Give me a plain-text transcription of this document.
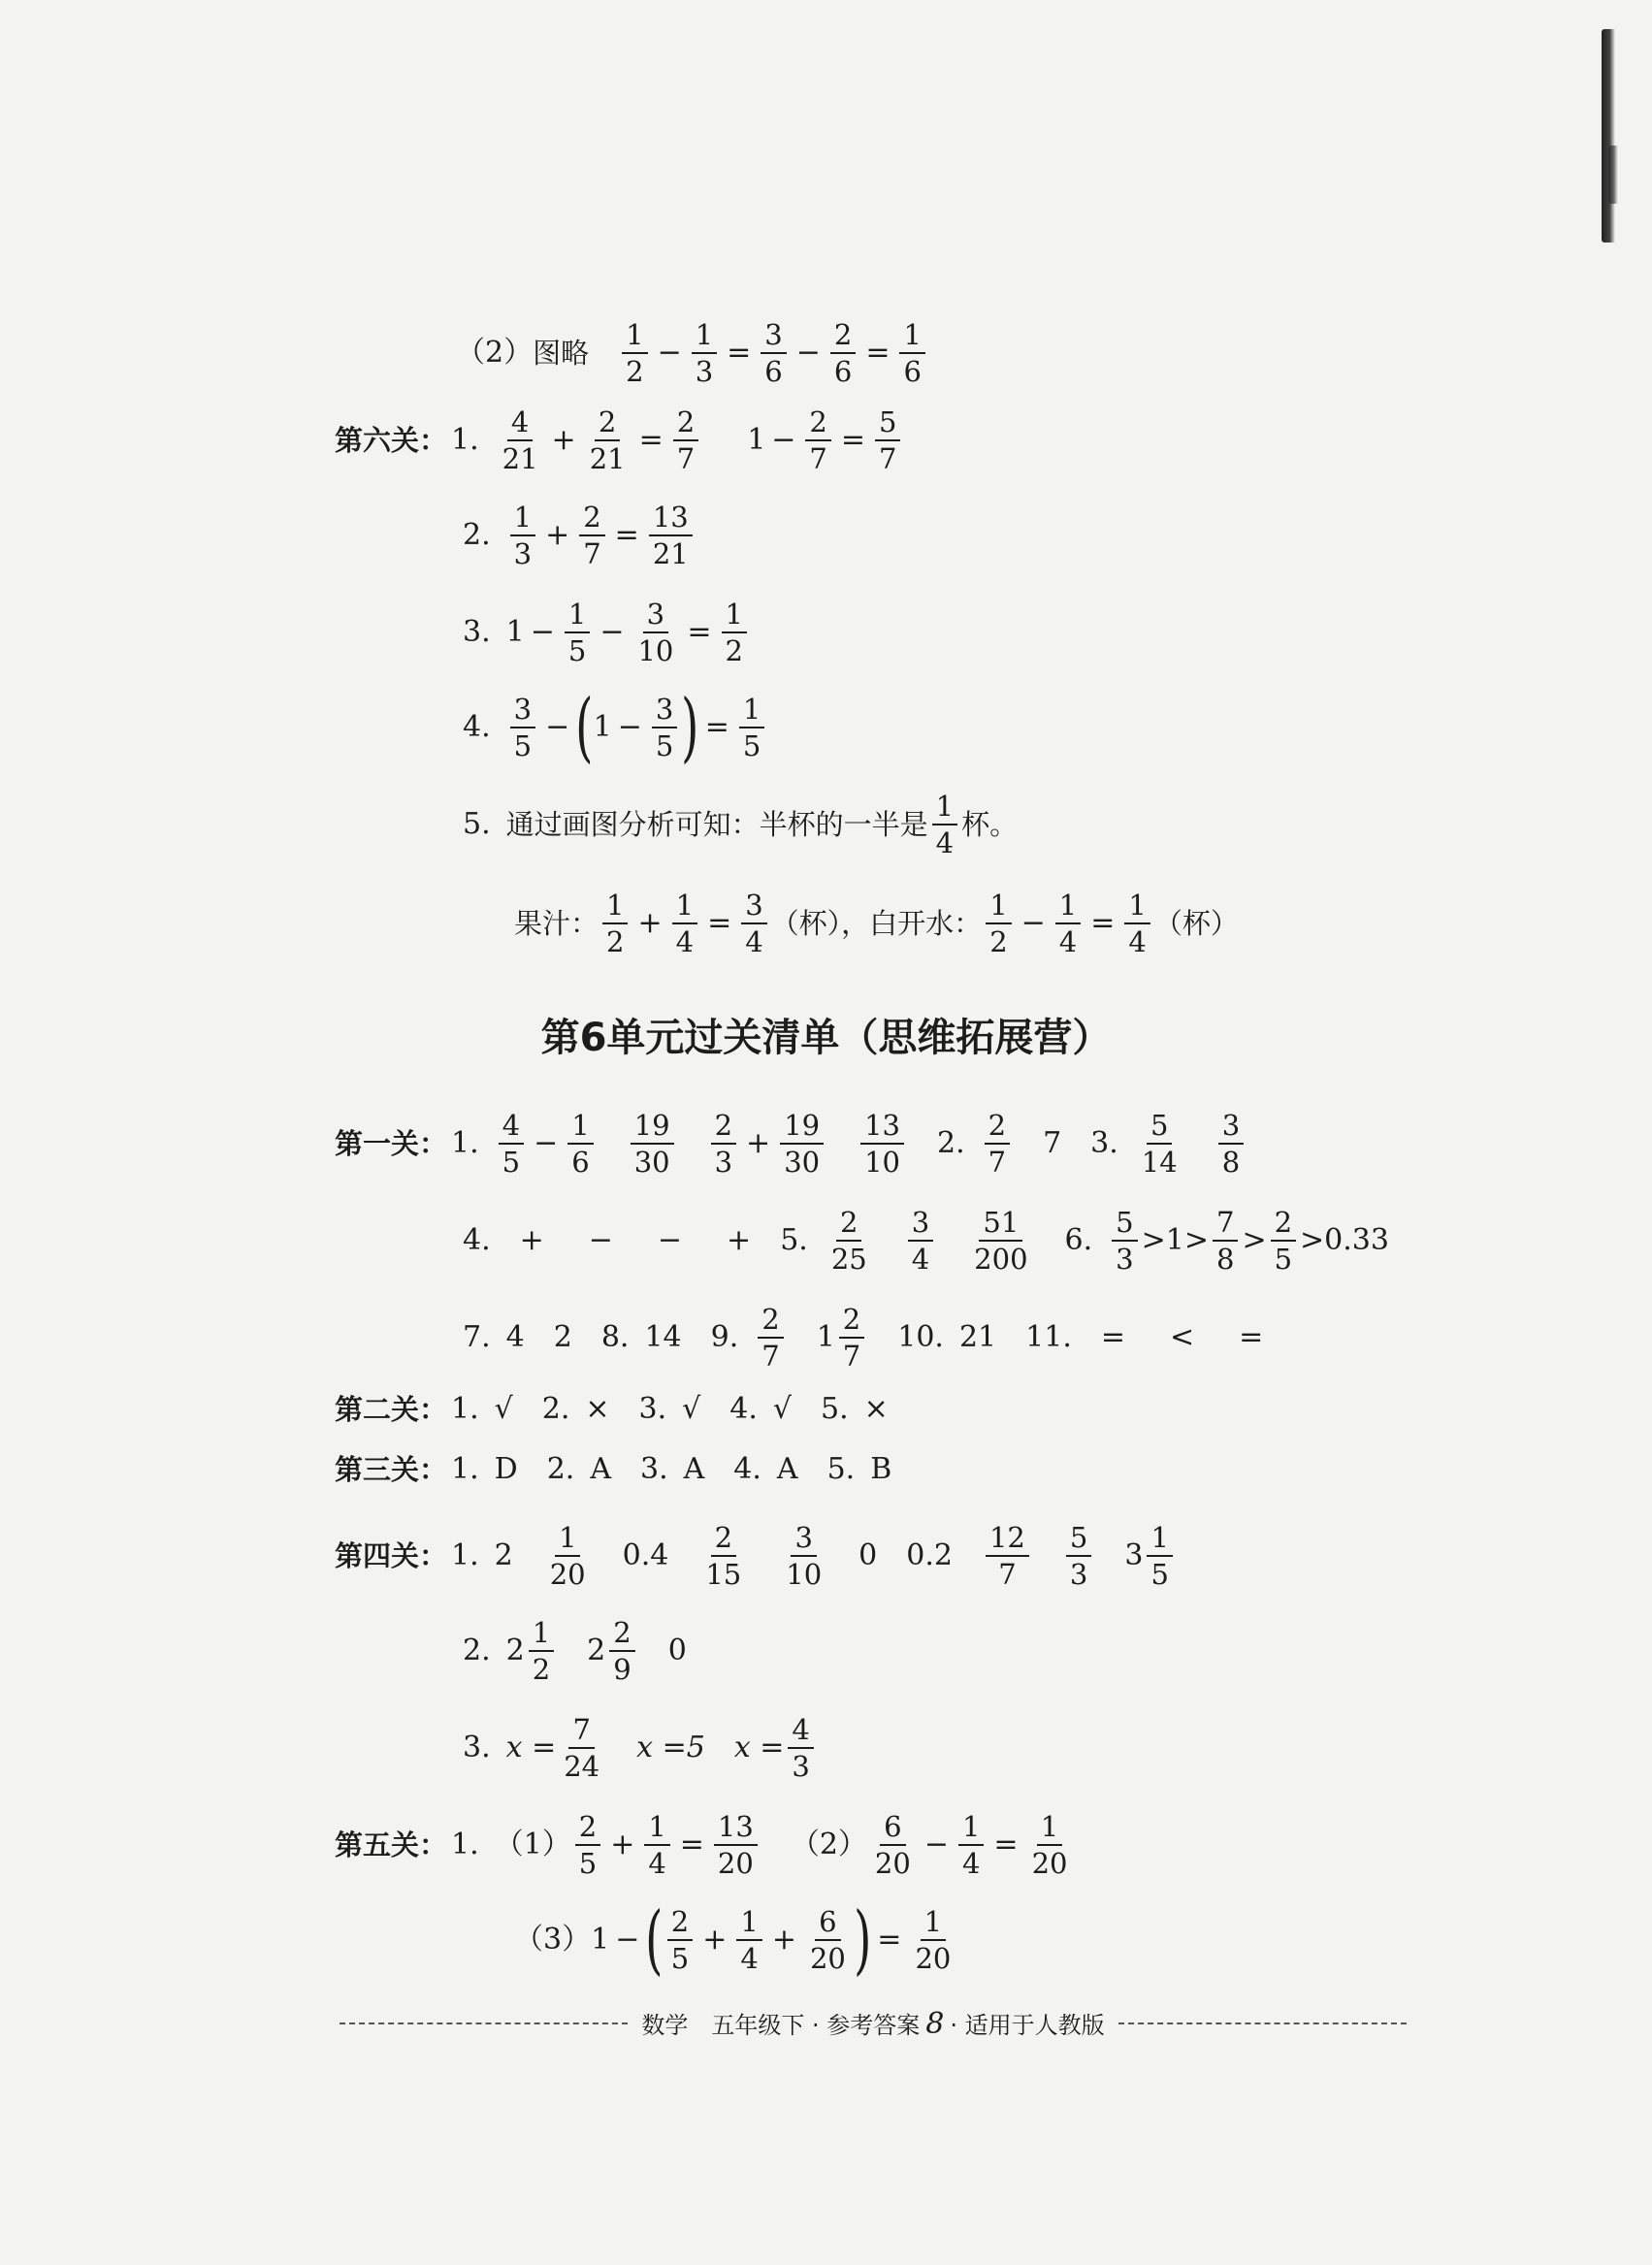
（2） 图略 $\frac{1}{2} - \frac{1}{3} = \frac{3}{6} - \frac{2}{6} = \frac{1}{6}$
第六关： 1. $\frac{4}{21} + \frac{2}{21} = \frac{2}{7} 1 - \frac{2}{7} = \frac{5}{7}$
2. $\frac{1}{3} + \frac{2}{7} = \frac{13}{21}$
3. $1 - \frac{1}{5} - \frac{3}{10} = \frac{1}{2}$
4. $\frac{3}{5}$ − ( $1 - \frac{3}{5}$ ) = $\frac{1}{5}$
5. 通过画图分析可知：半杯的一半是 $\frac{1}{4}$ 杯。
果汁： $\frac{1}{2} + \frac{1}{4} = \frac{3}{4}$ （杯）， 白开水： $\frac{1}{2} - \frac{1}{4} = \frac{1}{4}$ （杯）
第6单元过关清单（思维拓展营）
第一关： 1. $\frac{4}{5} - \frac{1}{6} \frac{19}{30} \frac{2}{3} + \frac{19}{30} \frac{13}{10} 2$. $\frac{2}{7} 7$ 3. $\frac{5}{14} \frac{3}{8}$
4. + − − + 5. $\frac{2}{25} \frac{3}{4} \frac{51}{200} 6$. $\frac{5}{3} >1> \frac{7}{8} > \frac{2}{5} >0.33$
7. 4 2 8. 14 9. $\frac{2}{7} 1 \frac{2}{7} 10$. 21 11. = < =
第二关： 1. √ 2. × 3. √ 4. √ 5. ×
第三关： 1. D 2. A 3. A 4. A 5. B
第四关： 1. $2 \frac{1}{20} 0.4 \frac{2}{15} \frac{3}{10} 0$ $0.2 \frac{12}{7} \frac{5}{3} 3 \frac{1}{5}$
2. $2 \frac{1}{2} 2 \frac{2}{9} 0$
3. $x = \frac{7}{24}$ x =5 $x = \frac{4}{3}$
第五关： 1. $(1) \frac{2}{5} + \frac{1}{4} = \frac{13}{20} (2) \frac{6}{20} - \frac{1}{4} = \frac{1}{20}$
（3） 1 − ( $\frac{2}{5} + \frac{1}{4} + \frac{6}{20}$ ) = $\frac{1}{20}$
数学　五年级下 · 参考答案 8 · 适用于人教版
